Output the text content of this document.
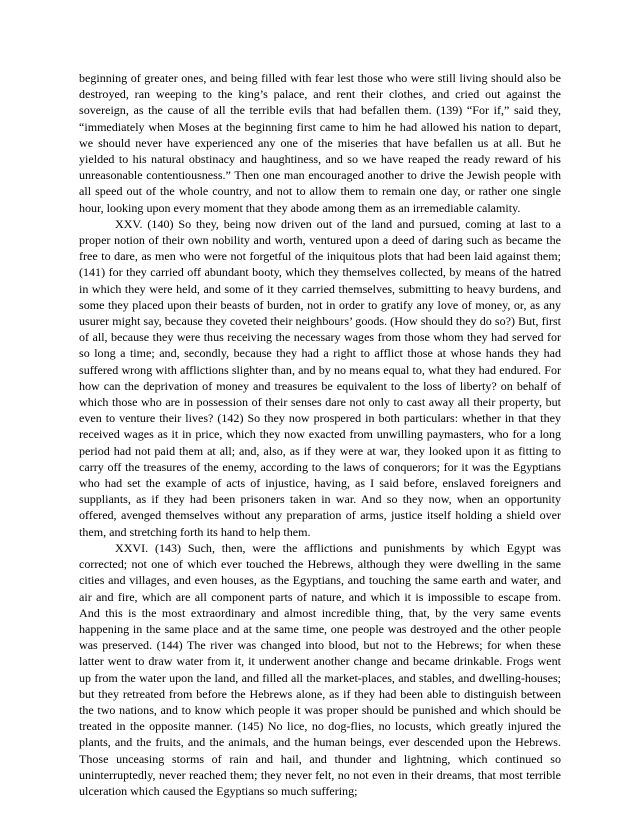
beginning of greater ones, and being filled with fear lest those who were still living should also be destroyed, ran weeping to the king’s palace, and rent their clothes, and cried out against the sovereign, as the cause of all the terrible evils that had befallen them. (139) “For if,” said they, “immediately when Moses at the beginning first came to him he had allowed his nation to depart, we should never have experienced any one of the miseries that have befallen us at all. But he yielded to his natural obstinacy and haughtiness, and so we have reaped the ready reward of his unreasonable contentiousness.” Then one man encouraged another to drive the Jewish people with all speed out of the whole country, and not to allow them to remain one day, or rather one single hour, looking upon every moment that they abode among them as an irremediable calamity.

XXV. (140) So they, being now driven out of the land and pursued, coming at last to a proper notion of their own nobility and worth, ventured upon a deed of daring such as became the free to dare, as men who were not forgetful of the iniquitous plots that had been laid against them; (141) for they carried off abundant booty, which they themselves collected, by means of the hatred in which they were held, and some of it they carried themselves, submitting to heavy burdens, and some they placed upon their beasts of burden, not in order to gratify any love of money, or, as any usurer might say, because they coveted their neighbours’ goods. (How should they do so?) But, first of all, because they were thus receiving the necessary wages from those whom they had served for so long a time; and, secondly, because they had a right to afflict those at whose hands they had suffered wrong with afflictions slighter than, and by no means equal to, what they had endured. For how can the deprivation of money and treasures be equivalent to the loss of liberty? on behalf of which those who are in possession of their senses dare not only to cast away all their property, but even to venture their lives? (142) So they now prospered in both particulars: whether in that they received wages as it in price, which they now exacted from unwilling paymasters, who for a long period had not paid them at all; and, also, as if they were at war, they looked upon it as fitting to carry off the treasures of the enemy, according to the laws of conquerors; for it was the Egyptians who had set the example of acts of injustice, having, as I said before, enslaved foreigners and suppliants, as if they had been prisoners taken in war. And so they now, when an opportunity offered, avenged themselves without any preparation of arms, justice itself holding a shield over them, and stretching forth its hand to help them.

XXVI. (143) Such, then, were the afflictions and punishments by which Egypt was corrected; not one of which ever touched the Hebrews, although they were dwelling in the same cities and villages, and even houses, as the Egyptians, and touching the same earth and water, and air and fire, which are all component parts of nature, and which it is impossible to escape from. And this is the most extraordinary and almost incredible thing, that, by the very same events happening in the same place and at the same time, one people was destroyed and the other people was preserved. (144) The river was changed into blood, but not to the Hebrews; for when these latter went to draw water from it, it underwent another change and became drinkable. Frogs went up from the water upon the land, and filled all the market-places, and stables, and dwelling-houses; but they retreated from before the Hebrews alone, as if they had been able to distinguish between the two nations, and to know which people it was proper should be punished and which should be treated in the opposite manner. (145) No lice, no dog-flies, no locusts, which greatly injured the plants, and the fruits, and the animals, and the human beings, ever descended upon the Hebrews. Those unceasing storms of rain and hail, and thunder and lightning, which continued so uninterruptedly, never reached them; they never felt, no not even in their dreams, that most terrible ulceration which caused the Egyptians so much suffering;
